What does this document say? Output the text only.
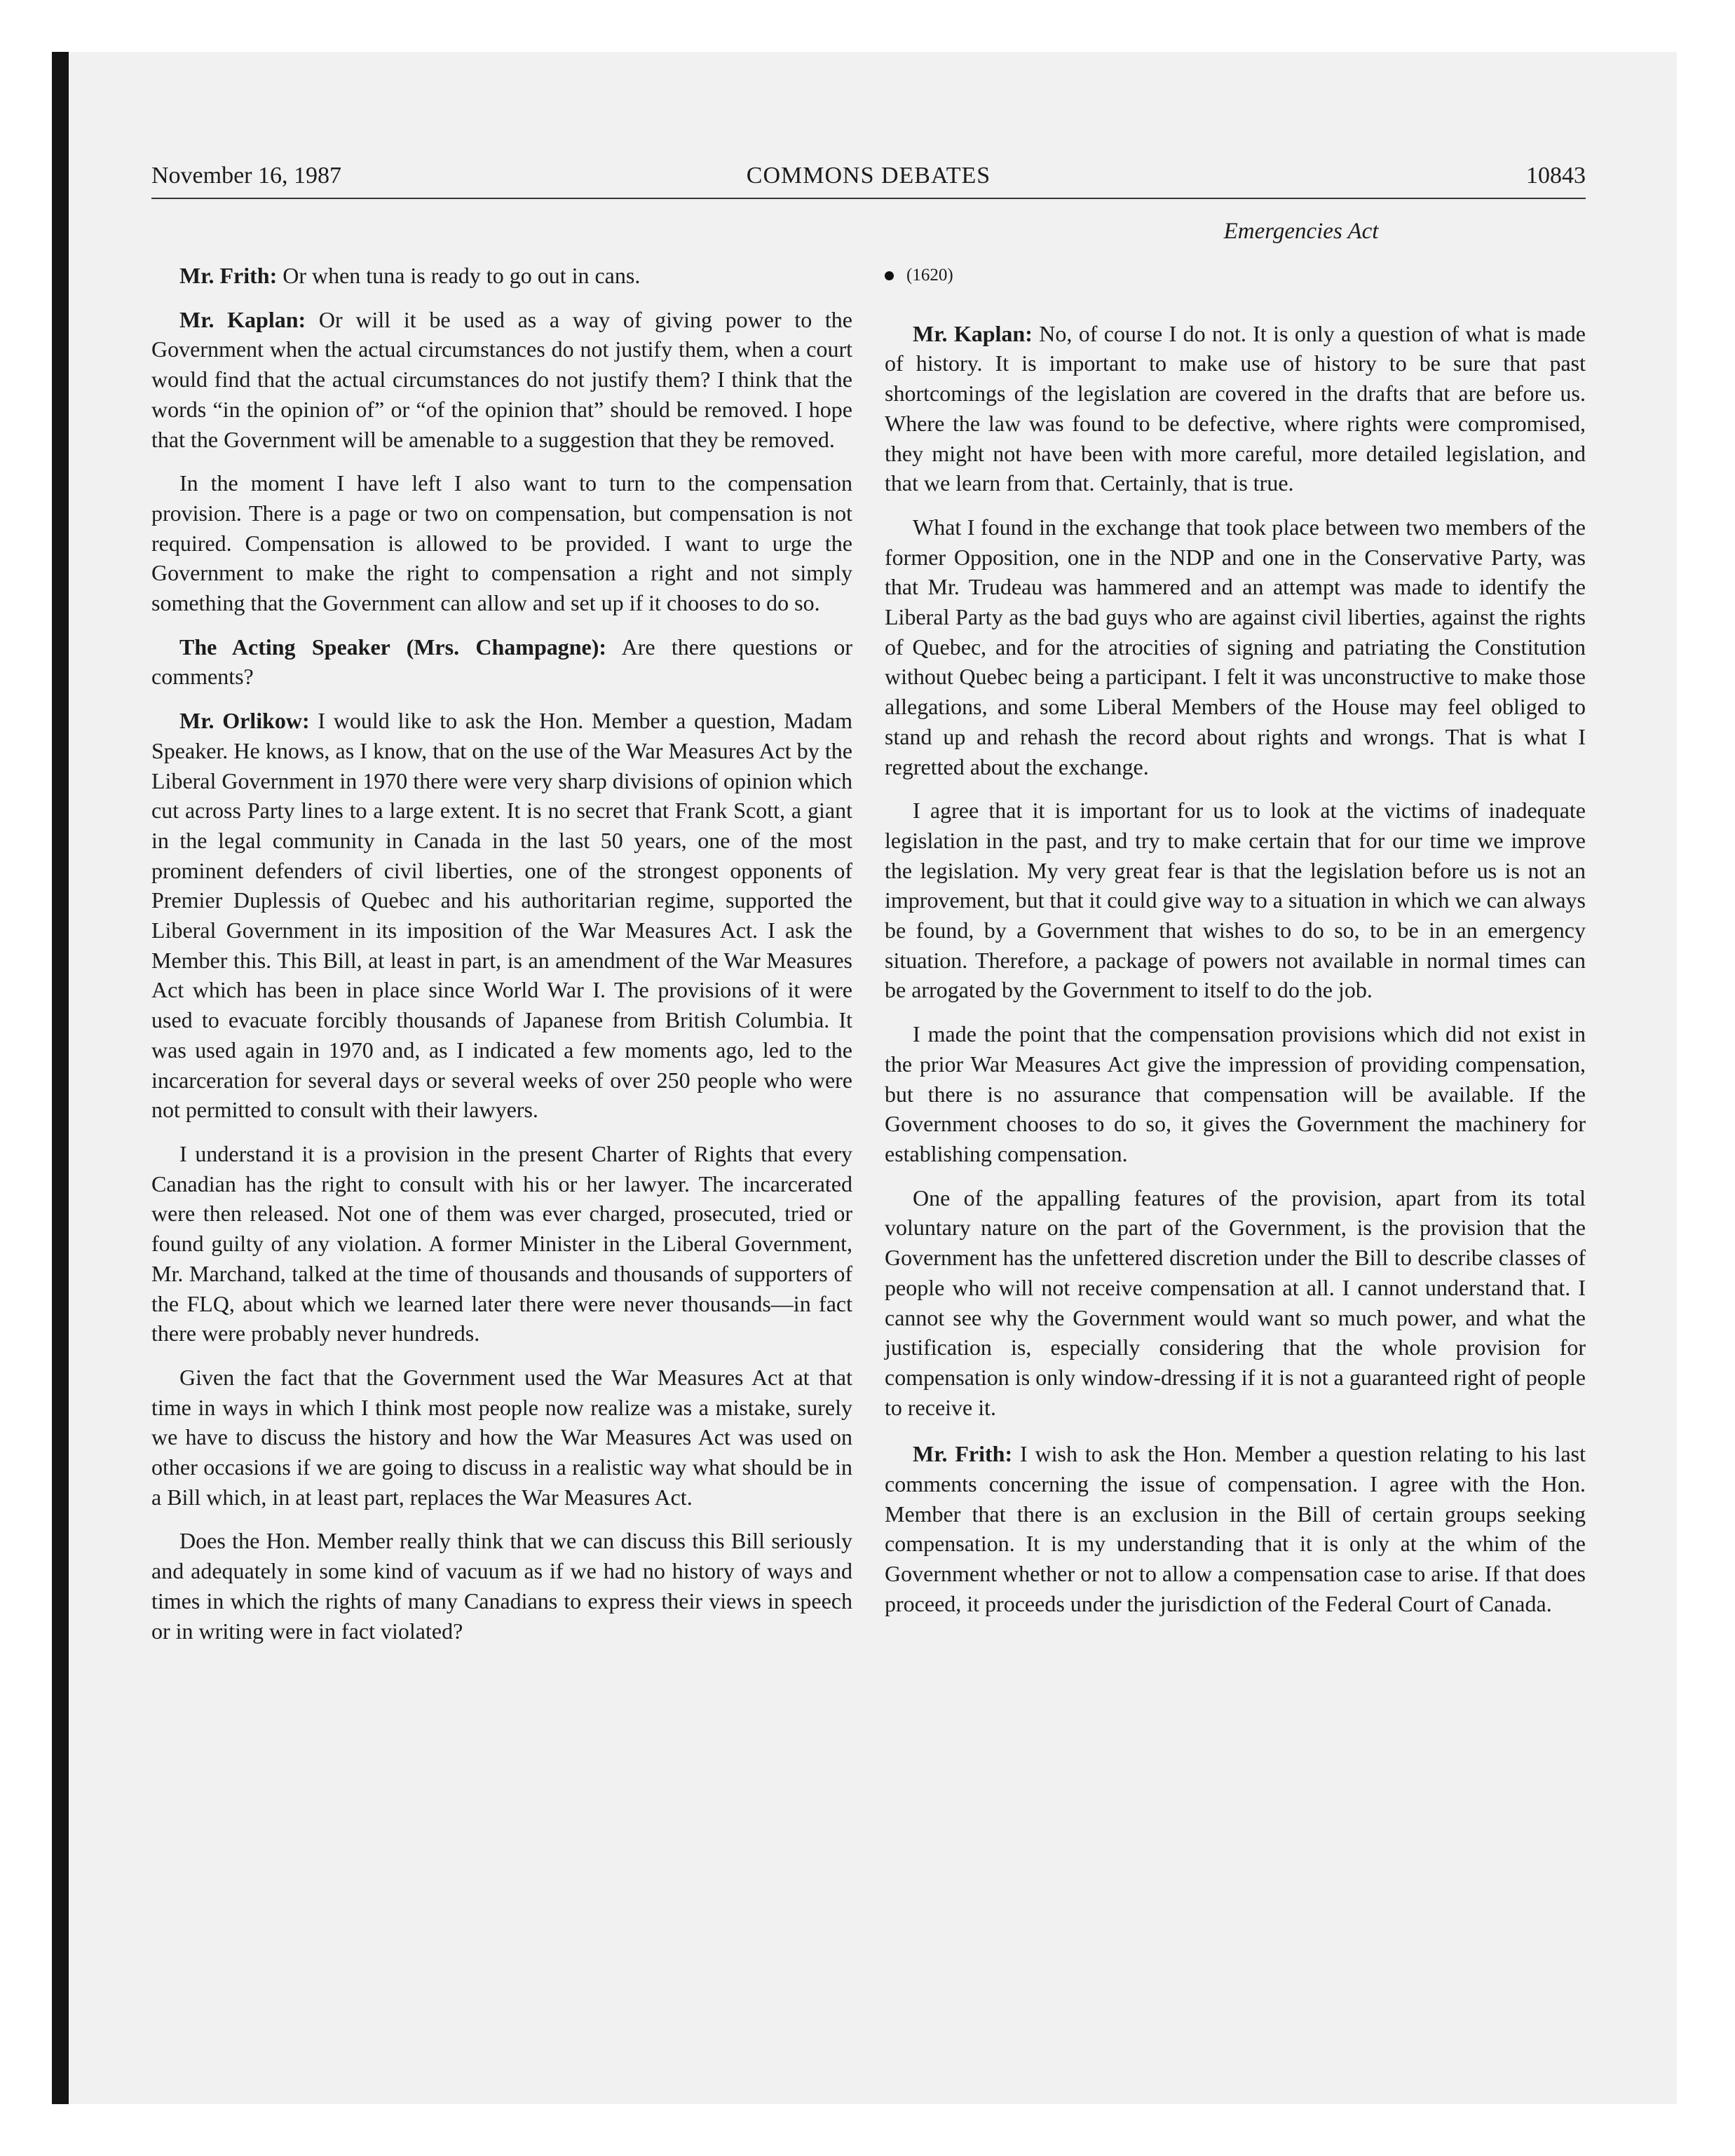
November 16, 1987	COMMONS DEBATES	10843
Emergencies Act

Mr. Frith: Or when tuna is ready to go out in cans.

Mr. Kaplan: Or will it be used as a way of giving power to the Government when the actual circumstances do not justify them, when a court would find that the actual circumstances do not justify them? I think that the words “in the opinion of” or “of the opinion that” should be removed. I hope that the Government will be amenable to a suggestion that they be removed.

In the moment I have left I also want to turn to the compensation provision. There is a page or two on compensation, but compensation is not required. Compensation is allowed to be provided. I want to urge the Government to make the right to compensation a right and not simply something that the Government can allow and set up if it chooses to do so.

The Acting Speaker (Mrs. Champagne): Are there questions or comments?

Mr. Orlikow: I would like to ask the Hon. Member a question, Madam Speaker. He knows, as I know, that on the use of the War Measures Act by the Liberal Government in 1970 there were very sharp divisions of opinion which cut across Party lines to a large extent. It is no secret that Frank Scott, a giant in the legal community in Canada in the last 50 years, one of the most prominent defenders of civil liberties, one of the strongest opponents of Premier Duplessis of Quebec and his authoritarian regime, supported the Liberal Government in its imposition of the War Measures Act. I ask the Member this. This Bill, at least in part, is an amendment of the War Measures Act which has been in place since World War I. The provisions of it were used to evacuate forcibly thousands of Japanese from British Columbia. It was used again in 1970 and, as I indicated a few moments ago, led to the incarceration for several days or several weeks of over 250 people who were not permitted to consult with their lawyers.

I understand it is a provision in the present Charter of Rights that every Canadian has the right to consult with his or her lawyer. The incarcerated were then released. Not one of them was ever charged, prosecuted, tried or found guilty of any violation. A former Minister in the Liberal Government, Mr. Marchand, talked at the time of thousands and thousands of supporters of the FLQ, about which we learned later there were never thousands—in fact there were probably never hundreds.

Given the fact that the Government used the War Measures Act at that time in ways in which I think most people now realize was a mistake, surely we have to discuss the history and how the War Measures Act was used on other occasions if we are going to discuss in a realistic way what should be in a Bill which, in at least part, replaces the War Measures Act.

Does the Hon. Member really think that we can discuss this Bill seriously and adequately in some kind of vacuum as if we had no history of ways and times in which the rights of many Canadians to express their views in speech or in writing were in fact violated?

(1620)

Mr. Kaplan: No, of course I do not. It is only a question of what is made of history. It is important to make use of history to be sure that past shortcomings of the legislation are covered in the drafts that are before us. Where the law was found to be defective, where rights were compromised, they might not have been with more careful, more detailed legislation, and that we learn from that. Certainly, that is true.

What I found in the exchange that took place between two members of the former Opposition, one in the NDP and one in the Conservative Party, was that Mr. Trudeau was hammered and an attempt was made to identify the Liberal Party as the bad guys who are against civil liberties, against the rights of Quebec, and for the atrocities of signing and patriating the Constitution without Quebec being a participant. I felt it was unconstructive to make those allegations, and some Liberal Members of the House may feel obliged to stand up and rehash the record about rights and wrongs. That is what I regretted about the exchange.

I agree that it is important for us to look at the victims of inadequate legislation in the past, and try to make certain that for our time we improve the legislation. My very great fear is that the legislation before us is not an improvement, but that it could give way to a situation in which we can always be found, by a Government that wishes to do so, to be in an emergency situation. Therefore, a package of powers not available in normal times can be arrogated by the Government to itself to do the job.

I made the point that the compensation provisions which did not exist in the prior War Measures Act give the impression of providing compensation, but there is no assurance that compensation will be available. If the Government chooses to do so, it gives the Government the machinery for establishing compensation.

One of the appalling features of the provision, apart from its total voluntary nature on the part of the Government, is the provision that the Government has the unfettered discretion under the Bill to describe classes of people who will not receive compensation at all. I cannot understand that. I cannot see why the Government would want so much power, and what the justification is, especially considering that the whole provision for compensation is only window-dressing if it is not a guaranteed right of people to receive it.

Mr. Frith: I wish to ask the Hon. Member a question relating to his last comments concerning the issue of compensation. I agree with the Hon. Member that there is an exclusion in the Bill of certain groups seeking compensation. It is my understanding that it is only at the whim of the Government whether or not to allow a compensation case to arise. If that does proceed, it proceeds under the jurisdiction of the Federal Court of Canada.
